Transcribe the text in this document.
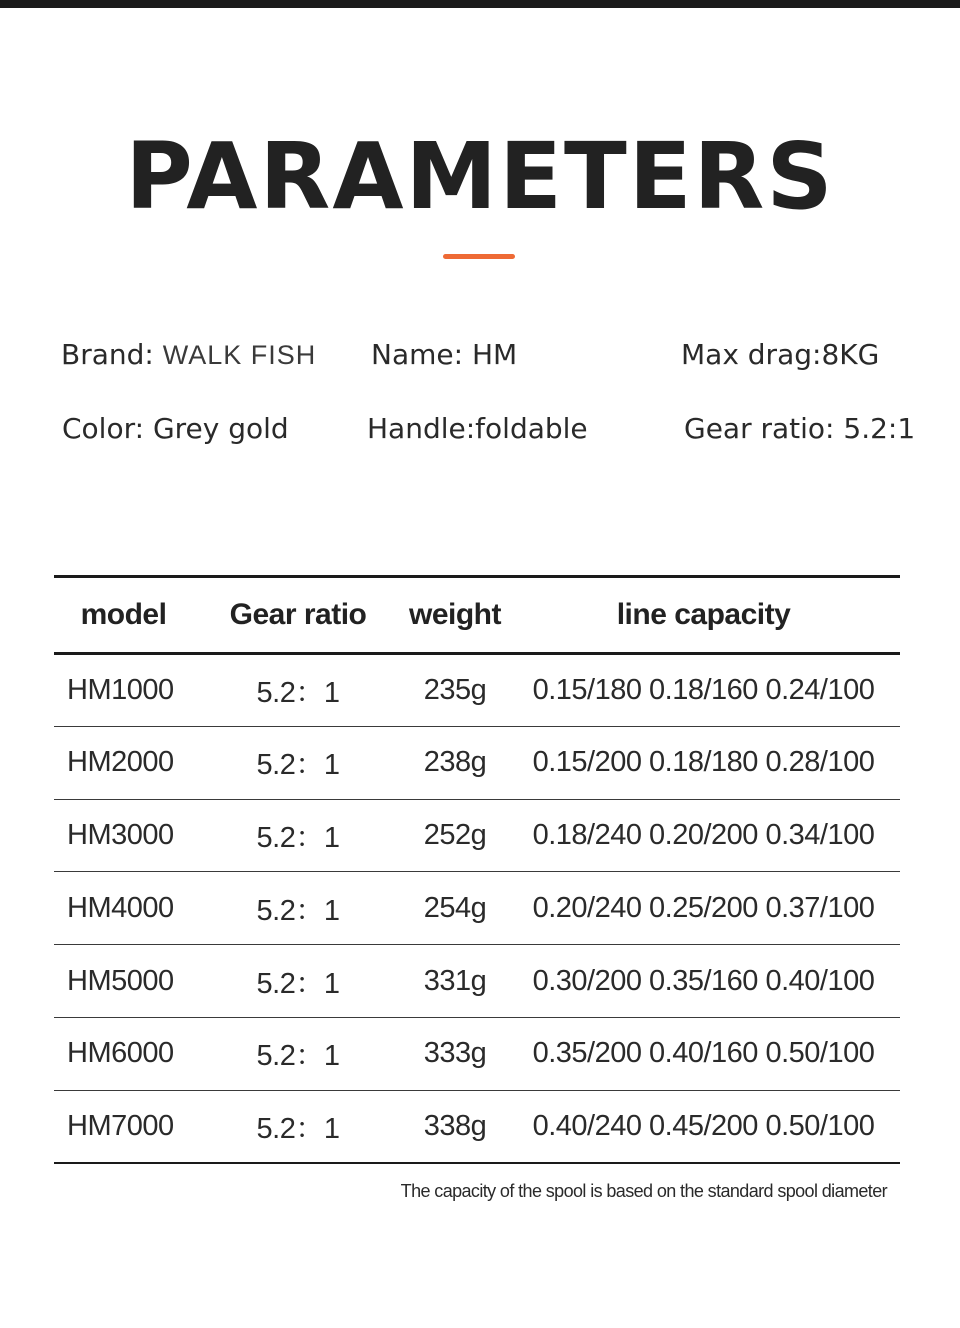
PARAMETERS
Brand: WALK FISH Name: HM	Max drag:8KG
Color: Grey gold	Handle:foldable	Gear ratio: 5.2:1
model	Gear ratio	weight	line capacity
HM1000	5.2：1	235g	0.15/180 0.18/160 0.24/100
HM2000	5.2：1	238g	0.15/200 0.18/180 0.28/100
HM3000	5.2：1	252g	0.18/240 0.20/200 0.34/100
HM4000	5.2：1	254g	0.20/240 0.25/200 0.37/100
HM5000	5.2：1	331g	0.30/200 0.35/160 0.40/100
HM6000	5.2：1	333g	0.35/200 0.40/160 0.50/100
HM7000	5.2：1	338g	0.40/240 0.45/200 0.50/100
The capacity of the spool is based on the standard spool diameter
